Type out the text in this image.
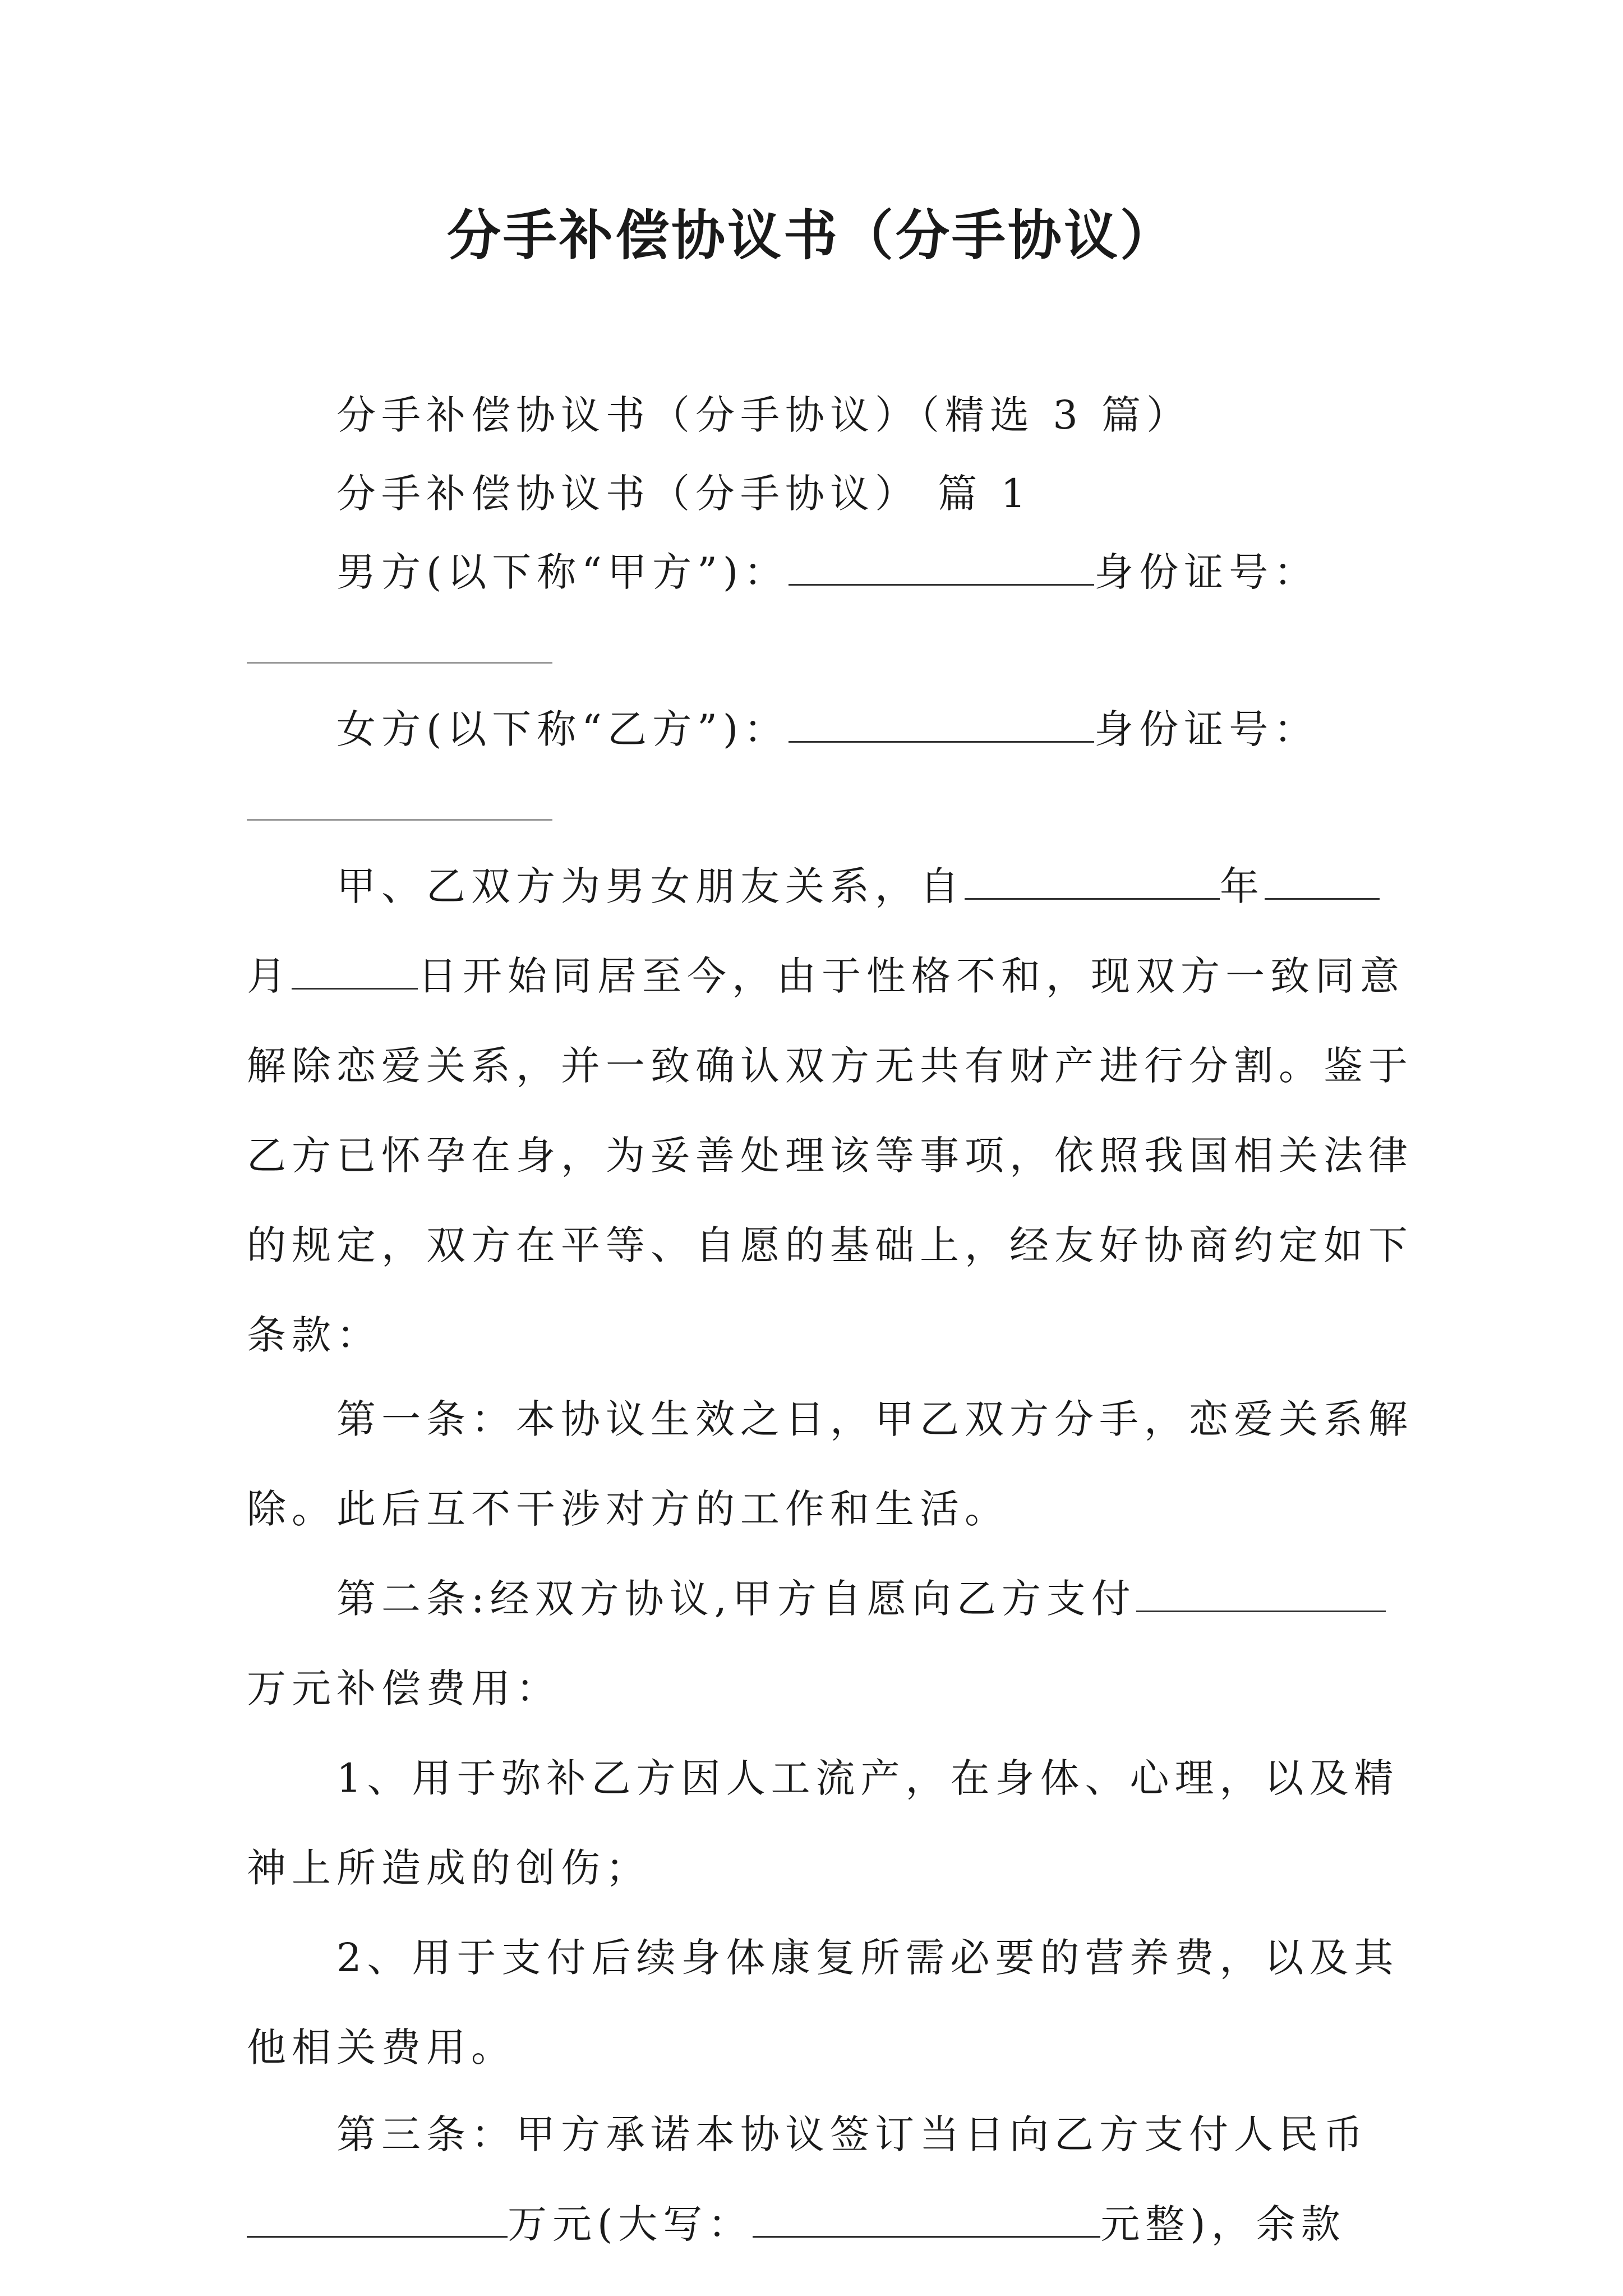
分手补偿协议书（分手协议）
分手补偿协议书（分手协议）（精选 3 篇）
分手补偿协议书（分手协议） 篇 1
男方(以下称“甲方”)：	身份证号：
女方(以下称“乙方”)：	身份证号：
甲、乙双方为男女朋友关系，自	年
月	日开始同居至今，由于性格不和，现双方一致同意
解除恋爱关系，并一致确认双方无共有财产进行分割。鉴于
乙方已怀孕在身，为妥善处理该等事项，依照我国相关法律
的规定，双方在平等、自愿的基础上，经友好协商约定如下
条款：
第一条：本协议生效之日，甲乙双方分手，恋爱关系解
除。此后互不干涉对方的工作和生活。
第二条:经双方协议,甲方自愿向乙方支付
万元补偿费用：
1、用于弥补乙方因人工流产，在身体、心理，以及精
神上所造成的创伤；
2、用于支付后续身体康复所需必要的营养费，以及其
他相关费用。
第三条：甲方承诺本协议签订当日向乙方支付人民币
万元(大写：	元整)，余款
